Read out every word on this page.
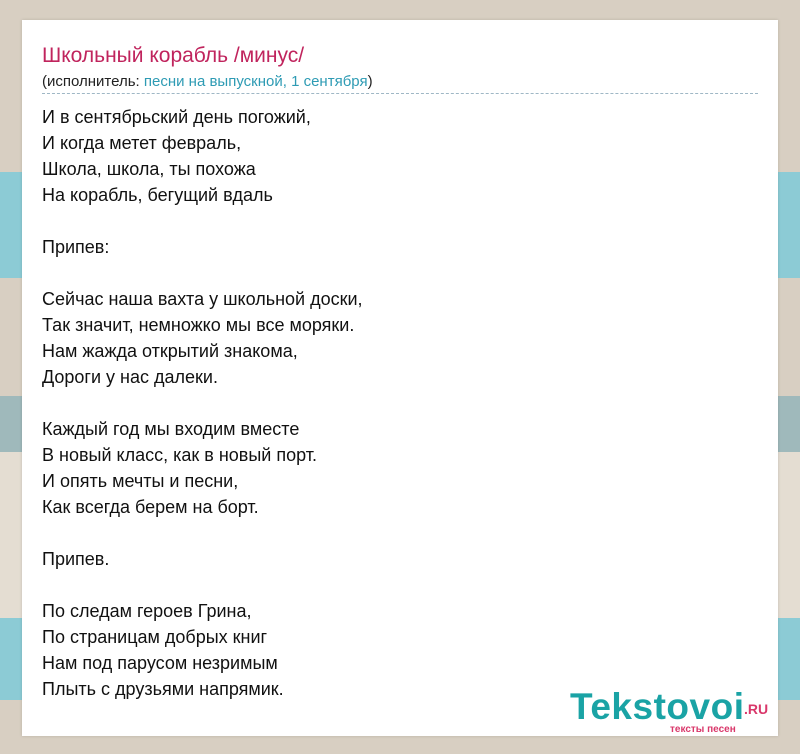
Школьный корабль /минус/
(исполнитель: песни на выпускной, 1 сентября)
И в сентябрьский день погожий,
И когда метет февраль,
Школа, школа, ты похожа
На корабль, бегущий вдаль
Припев:
Сейчас наша вахта у школьной доски,
Так значит, немножко мы все моряки.
Нам жажда открытий знакома,
Дороги у нас далеки.
Каждый год мы входим вместе
В новый класс, как в новый порт.
И опять мечты и песни,
Как всегда берем на борт.
Припев.
По следам героев Грина,
По страницам добрых книг
Нам под парусом незримым
Плыть с друзьями напрямик.	Tekstovoi .RU
тексты песен
